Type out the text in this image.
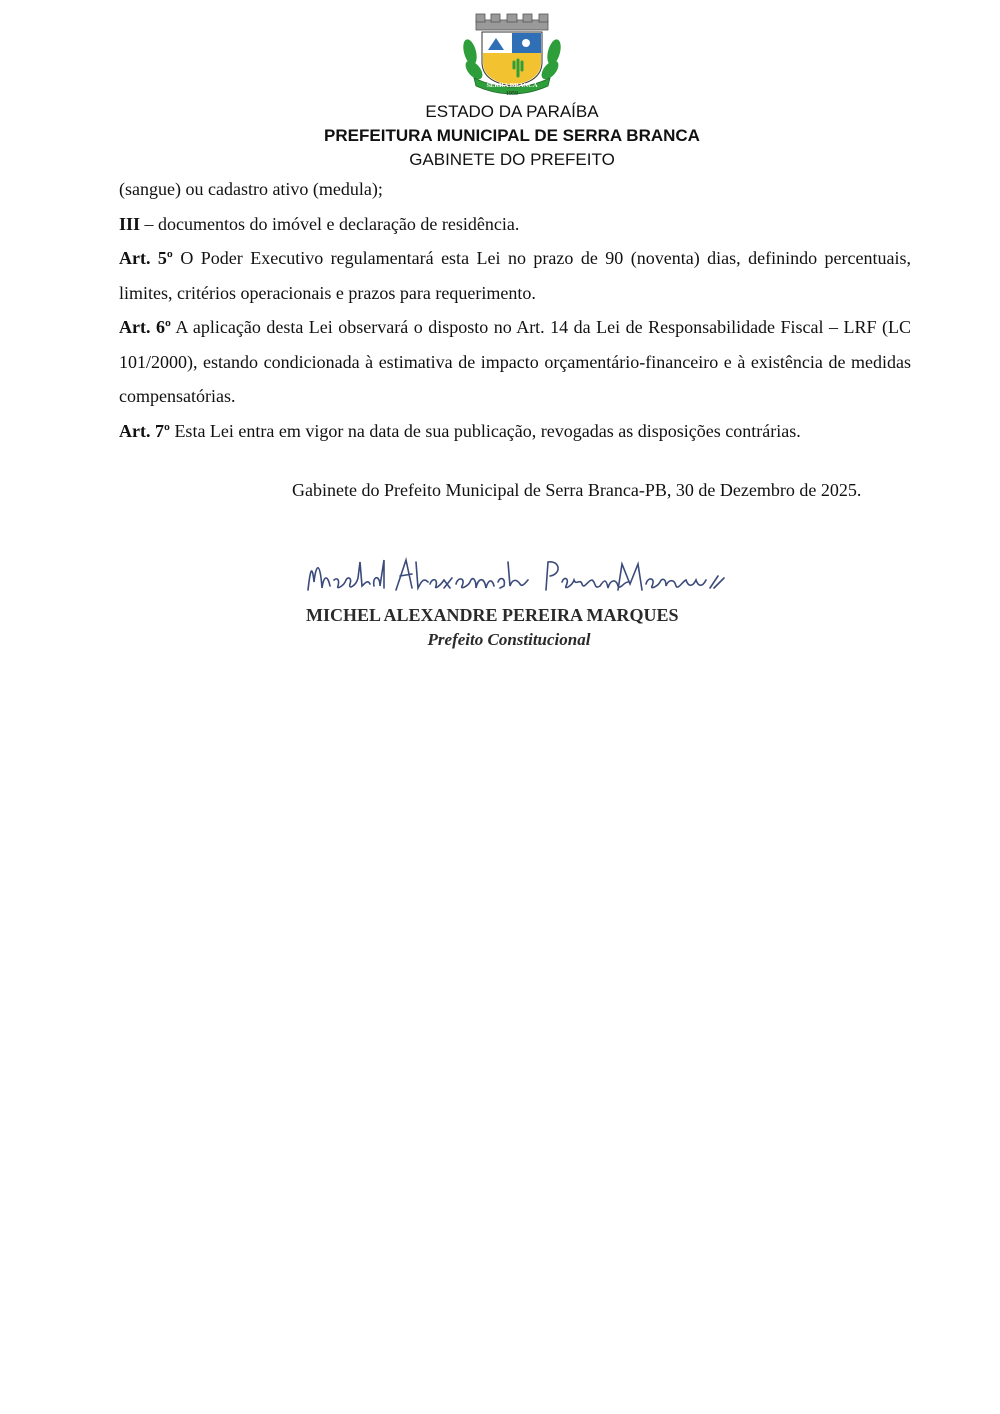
SERRA BRANCA
1959
ESTADO DA PARAÍBA
PREFEITURA MUNICIPAL DE SERRA BRANCA
GABINETE DO PREFEITO

(sangue) ou cadastro ativo (medula);

III – documentos do imóvel e declaração de residência.

Art. 5º O Poder Executivo regulamentará esta Lei no prazo de 90 (noventa) dias, definindo percentuais, limites, critérios operacionais e prazos para requerimento.

Art. 6º A aplicação desta Lei observará o disposto no Art. 14 da Lei de Responsabilidade Fiscal – LRF (LC 101/2000), estando condicionada à estimativa de impacto orçamentário-financeiro e à existência de medidas compensatórias.

Art. 7º Esta Lei entra em vigor na data de sua publicação, revogadas as disposições contrárias.

Gabinete do Prefeito Municipal de Serra Branca-PB, 30 de Dezembro de 2025.
MICHEL ALEXANDRE PEREIRA MARQUES
Prefeito Constitucional
